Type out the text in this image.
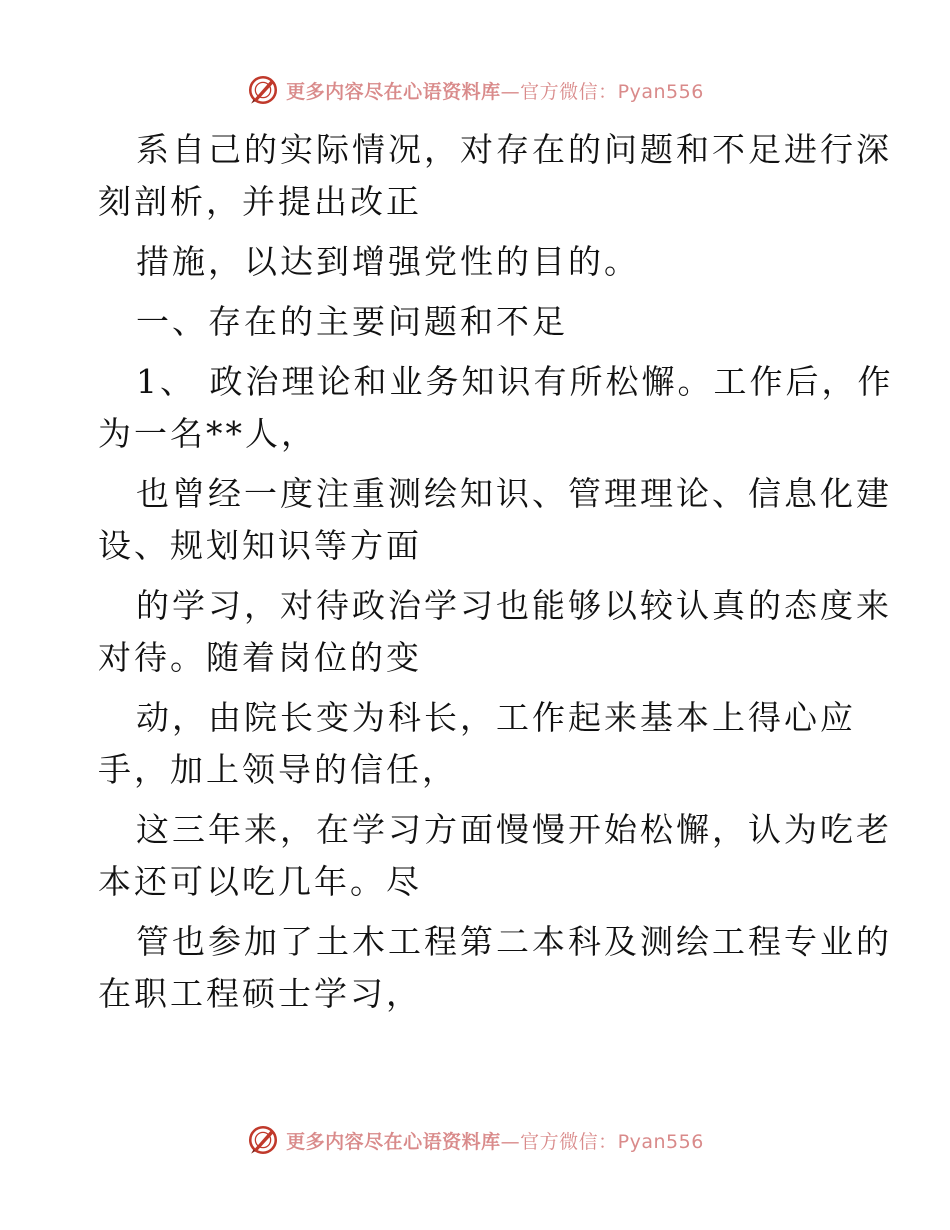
更多内容尽在心语资料库—官方微信：Pyan556
系自己的实际情况，对存在的问题和不足进行深
刻剖析，并提出改正
措施，以达到增强党性的目的。
一、存在的主要问题和不足
1、 政治理论和业务知识有所松懈。工作后，作
为一名**人，
也曾经一度注重测绘知识、管理理论、信息化建
设、规划知识等方面
的学习，对待政治学习也能够以较认真的态度来
对待。随着岗位的变
动，由院长变为科长，工作起来基本上得心应
手，加上领导的信任，
这三年来，在学习方面慢慢开始松懈，认为吃老
本还可以吃几年。尽
管也参加了土木工程第二本科及测绘工程专业的
在职工程硕士学习，
更多内容尽在心语资料库—官方微信：Pyan556
